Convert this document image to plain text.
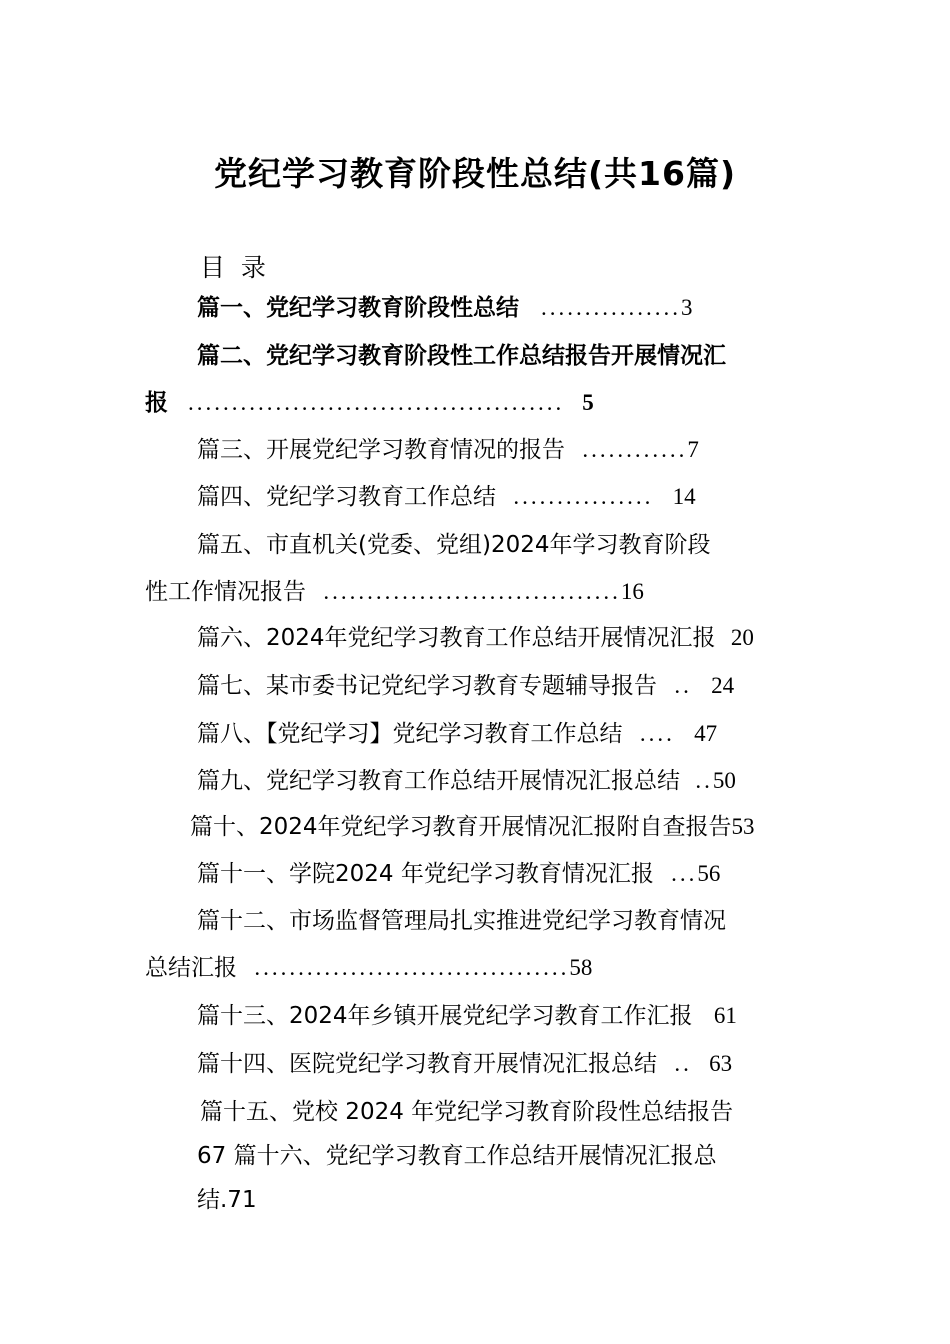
党纪学习教育阶段性总结(共16篇)
目  录
篇一、党纪学习教育阶段性总结 ................3
篇二、党纪学习教育阶段性工作总结报告开展情况汇
报 ........................................... 5
篇三、开展党纪学习教育情况的报告 ............7
篇四、党纪学习教育工作总结 ................ 14
篇五、市直机关(党委、党组)2024年学习教育阶段
性工作情况报告 ..................................16
篇六、2024年党纪学习教育工作总结开展情况汇报 20
篇七、某市委书记党纪学习教育专题辅导报告 .. 24
篇八、【党纪学习】党纪学习教育工作总结 .... 47
篇九、党纪学习教育工作总结开展情况汇报总结 ..50
篇十、2024年党纪学习教育开展情况汇报附自查报告53
篇十一、学院2024 年党纪学习教育情况汇报 ...56
篇十二、市场监督管理局扎实推进党纪学习教育情况
总结汇报 ....................................58
篇十三、2024年乡镇开展党纪学习教育工作汇报 61
篇十四、医院党纪学习教育开展情况汇报总结 .. 63
篇十五、党校 2024 年党纪学习教育阶段性总结报告
67 篇十六、党纪学习教育工作总结开展情况汇报总
结.71
